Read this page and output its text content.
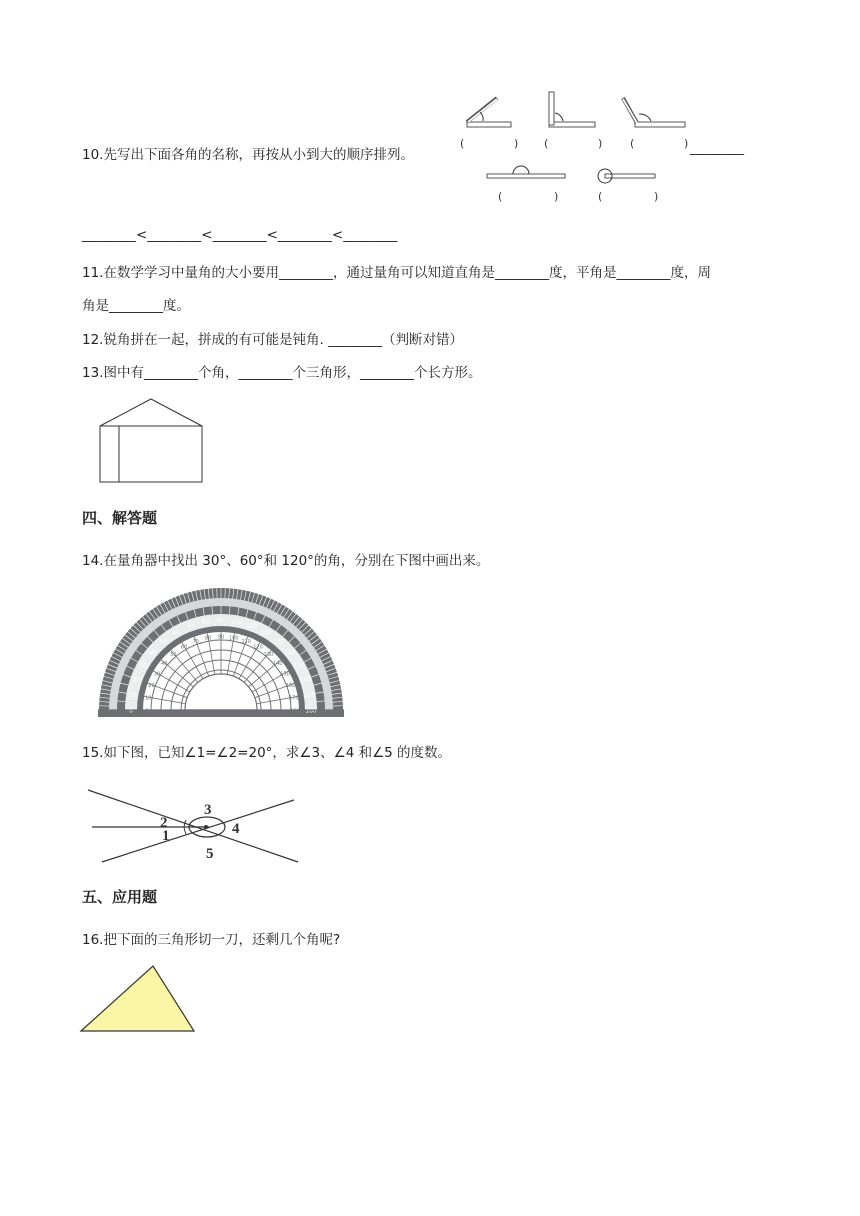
10.先写出下面各角的名称，再按从小到大的顺序排列。
(	) (	)	(	) ________
(	)	(	)
________<________<________<________<________
11.在数学学习中量角的大小要用________，通过量角可以知道直角是________度，平角是________度，周
角是________度。
12.锐角拼在一起，拼成的有可能是钝角. ________（判断对错）
13.图中有________个角，________个三角形，________个长方形。
四、解答题
14.在量角器中找出 30°、60°和 120°的角，分别在下图中画出来。
0 0
10 10
20
20
30
30
40
40
50
50
60
60
70
70
80
80
90
90
100
100
110
110
120
120
130
130 140
140 150
150
160
160
170
170
180
180
15.如下图，已知∠1=∠2=20°，求∠3、∠4 和∠5 的度数。
1
2
3
4
5
五、应用题
16.把下面的三角形切一刀，还剩几个角呢?
